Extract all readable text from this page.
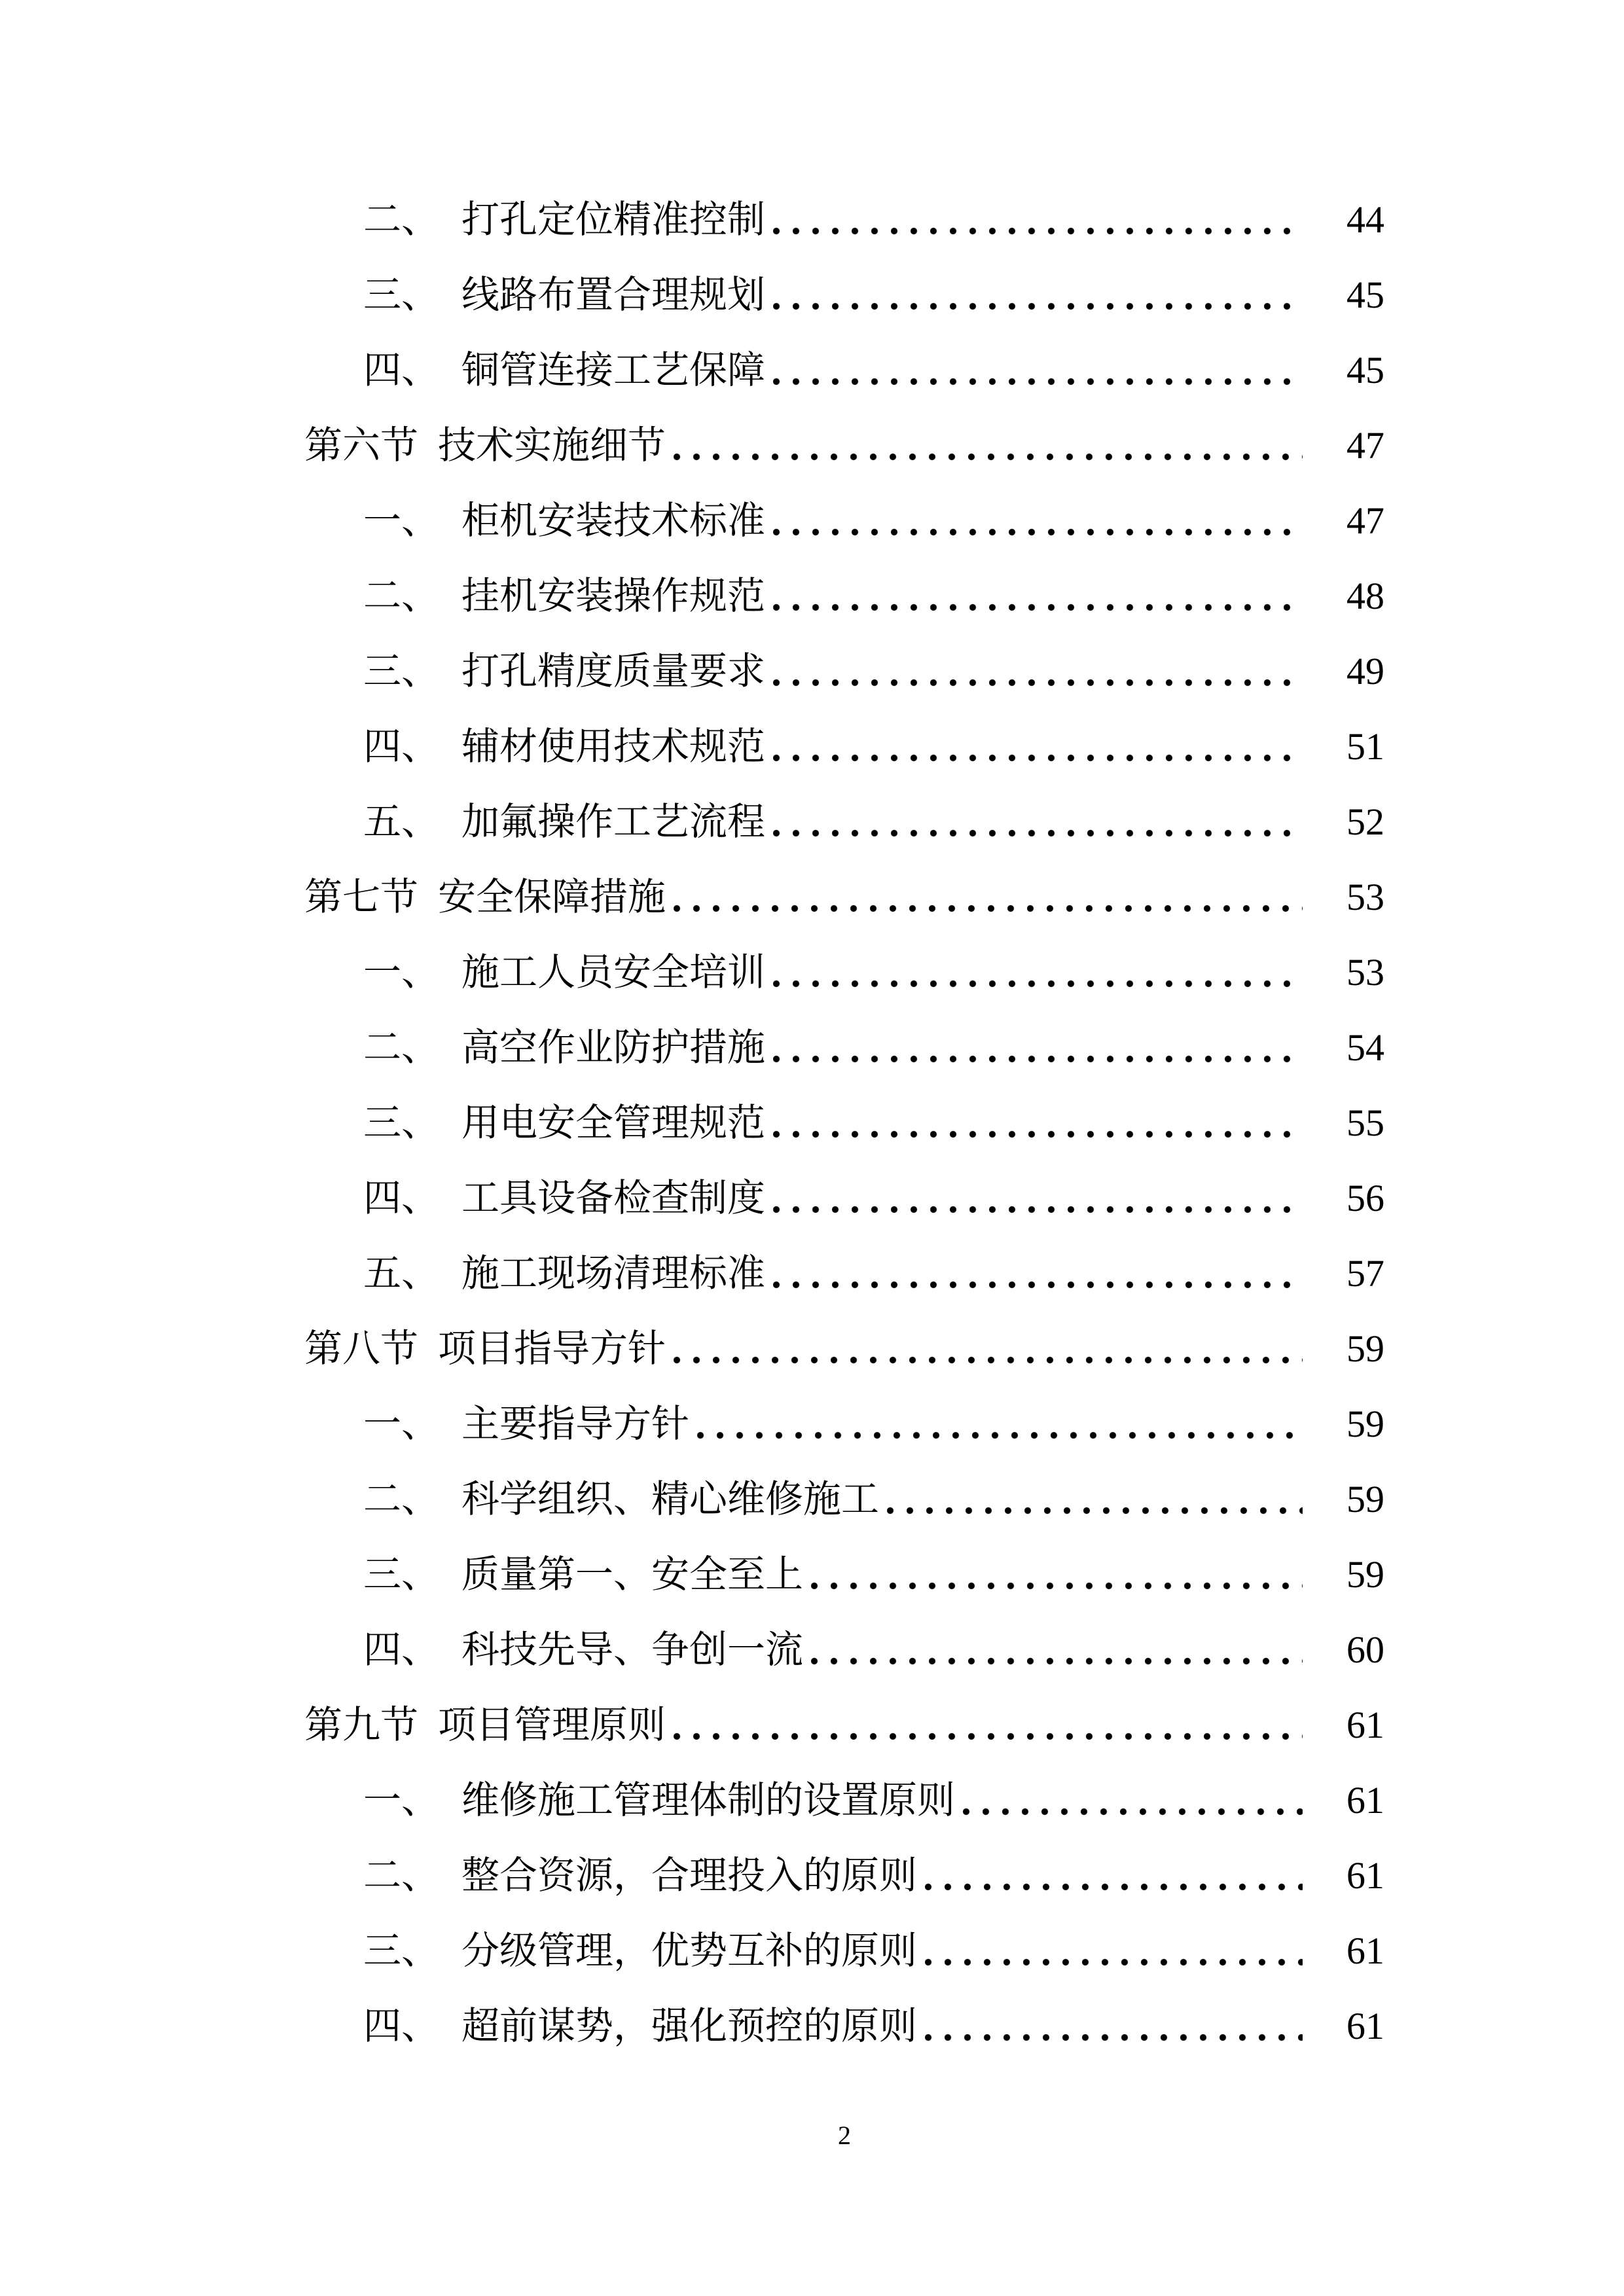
二、 打孔定位精准控制	44
三、 线路布置合理规划	45
四、 铜管连接工艺保障	45
第六节 技术实施细节	47
一、 柜机安装技术标准	47
二、 挂机安装操作规范	48
三、 打孔精度质量要求	49
四、 辅材使用技术规范	51
五、 加氟操作工艺流程	52
第七节 安全保障措施	53
一、 施工人员安全培训	53
二、 高空作业防护措施	54
三、 用电安全管理规范	55
四、 工具设备检查制度	56
五、 施工现场清理标准	57
第八节 项目指导方针	59
一、 主要指导方针	59
二、 科学组织、精心维修施工	59
三、 质量第一、安全至上	59
四、 科技先导、争创一流	60
第九节 项目管理原则	61
一、 维修施工管理体制的设置原则	61
二、 整合资源，合理投入的原则	61
三、 分级管理，优势互补的原则	61
四、 超前谋势，强化预控的原则	61
2
